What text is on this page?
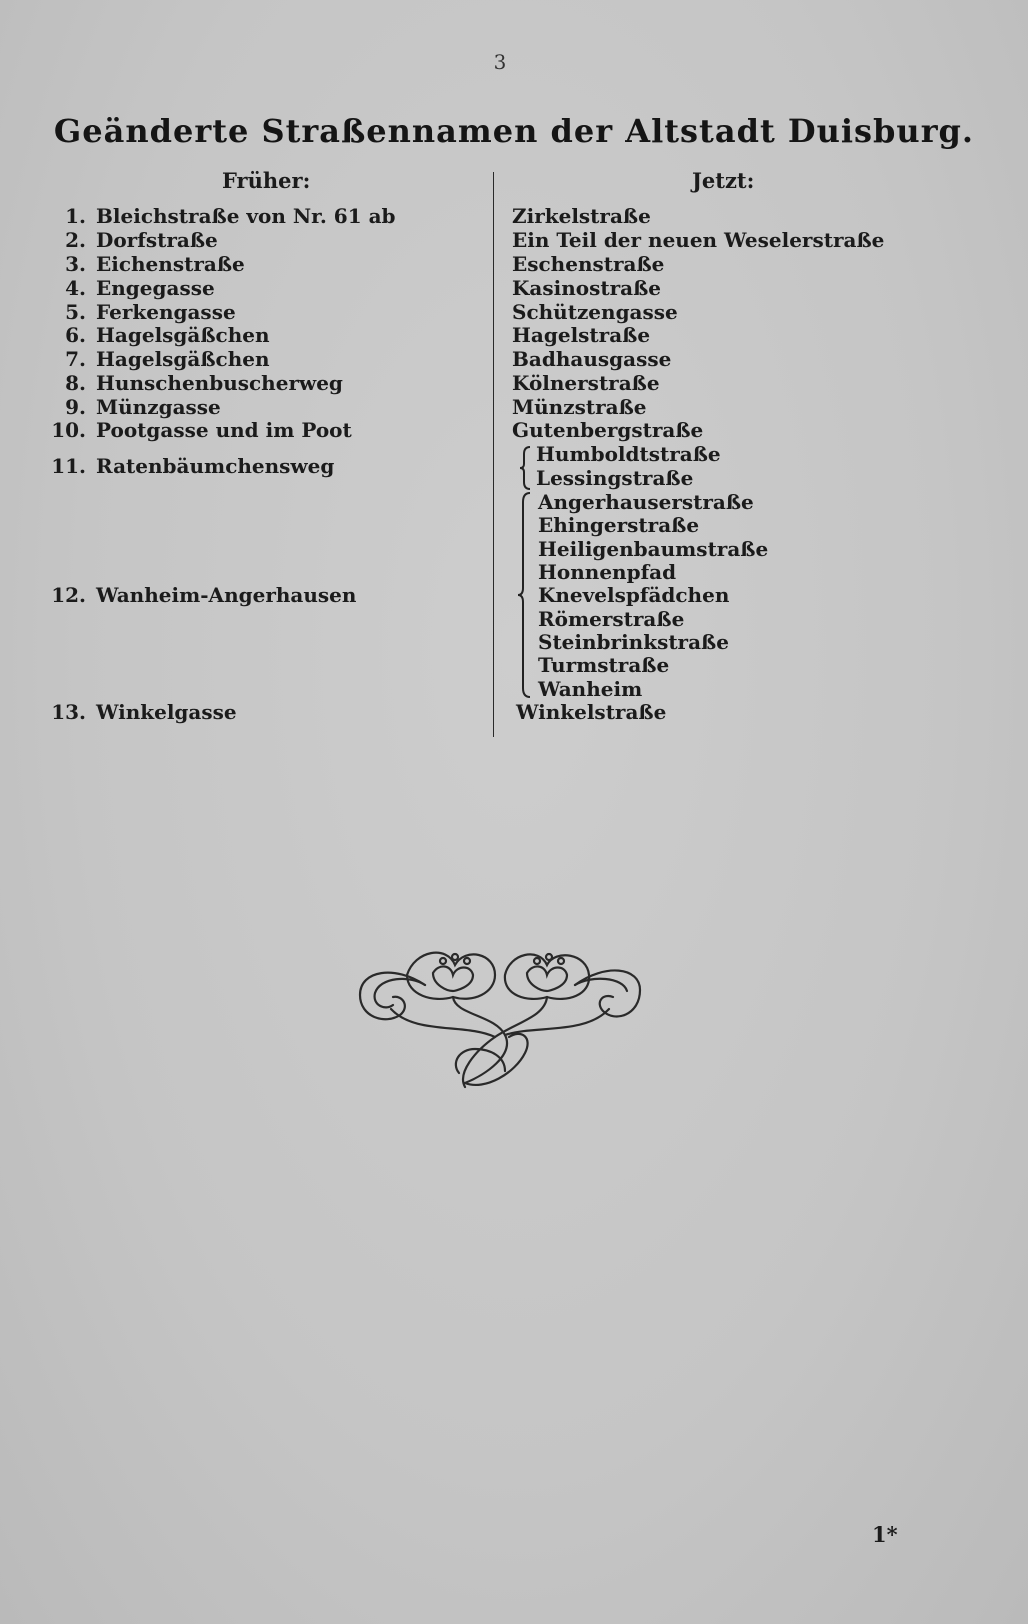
3
Geänderte Straßennamen der Altstadt Duisburg.
Früher:	Jetzt:
1. Bleichstraße von Nr. 61 ab
2. Dorfstraße
3. Eichenstraße
4. Engegasse
5. Ferkengasse
6. Hagelsgäßchen
7. Hagelsgäßchen
8. Hunschenbuscherweg
9. Münzgasse
10. Pootgasse und im Poot
11. Ratenbäumchensweg
12. Wanheim-Angerhausen
13. Winkelgasse
Zirkelstraße
Ein Teil der neuen Weselerstraße
Eschenstraße
Kasinostraße
Schützengasse
Hagelstraße
Badhausgasse
Kölnerstraße
Münzstraße
Gutenbergstraße
Humboldtstraße
Lessingstraße
Angerhauserstraße
Ehingerstraße
Heiligenbaumstraße
Honnenpfad
Knevelspfädchen
Römerstraße
Steinbrinkstraße
Turmstraße
Wanheim
Winkelstraße
1*
